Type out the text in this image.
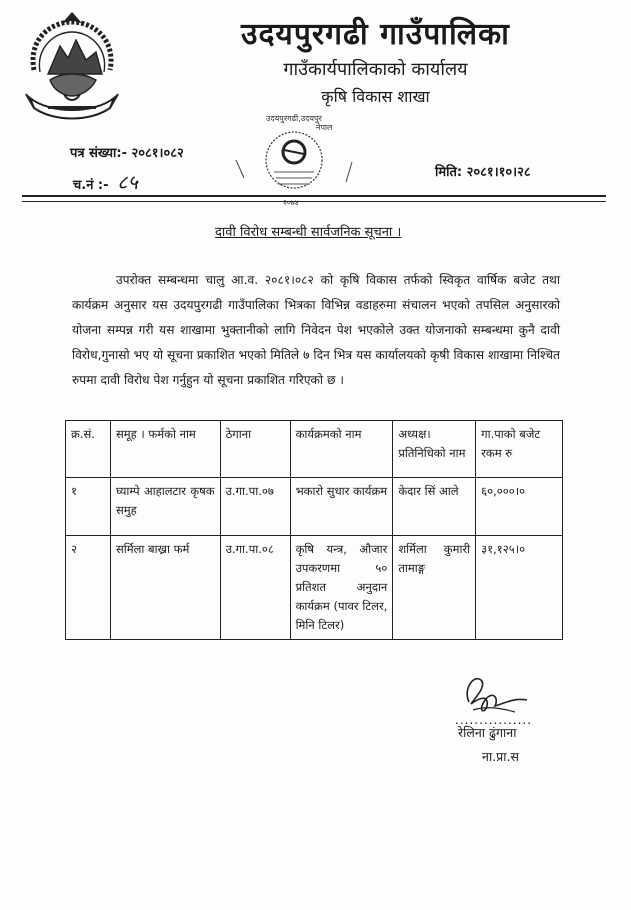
उदयपुरगढी गाउँपालिका
गाउँकार्यपालिकाको कार्यालय
कृषि विकास शाखा
उदयपुरगढी,उदयपुर
नेपाल
२०७४
पत्र संख्या:- २०८१।०८२
च.नं :- ८५	मिति: २०८१।१०।२८
दावी विरोध सम्बन्धी सार्वजनिक सूचना ।
उपरोक्त सम्बन्धमा चालु आ.व. २०८१।०८२ को कृषि विकास तर्फको स्विकृत वार्षिक बजेट तथा कार्यक्रम अनुसार यस उदयपुरगढी गाउँपालिका भित्रका विभिन्न वडाहरुमा संचालन भएको तपसिल अनुसारको योजना सम्पन्न गरी यस शाखामा भुक्तानीको लागि निवेदन पेश भएकोले उक्त योजनाको सम्बन्धमा कुनै दावी विरोध,गुनासो भए यो सूचना प्रकाशित भएको मितिले ७ दिन भित्र यस कार्यालयको कृषी विकास शाखामा निश्चित रुपमा दावी विरोध पेश गर्नुहुन यो सूचना प्रकाशित गरिएको छ ।
क्र.सं.	समूह । फर्मको नाम	ठेगाना	कार्यक्रमको नाम	अध्यक्ष। प्रतिनिधिको नाम	गा.पाको बजेट रकम रु
१	घ्याम्पे आहालटार कृषक समुह	उ.गा.पा.०७	भकारो सुधार कार्यक्रम	केदार सिं आले	६०,०००।०
२	सर्मिला बाख्रा फर्म	उ.गा.पा.०८	कृषि यन्त्र, औजार उपकरणमा ५० प्रतिशत अनुदान कार्यक्रम (पावर टिलर, मिनि टिलर)	शर्मिला कुमारी तामाङ्ग	३१,१२५।०
................
रेलिना ढुंगाना
ना.प्रा.स
